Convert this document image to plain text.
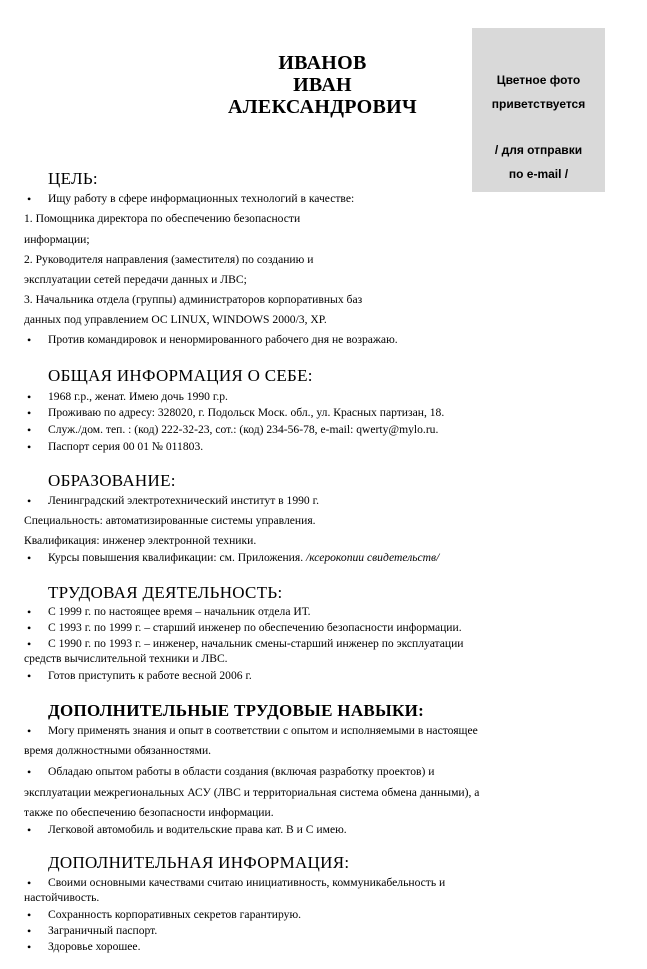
ИВАНОВ
ИВАН
АЛЕКСАНДРОВИЧ
Цветное фото
приветствуется
/ для отправки
по e-mail /
ЦЕЛЬ:
• Ищу работу в сфере информационных технологий в качестве:
1. Помощника директора по обеспечению безопасности
информации;
2. Руководителя направления (заместителя) по созданию и
эксплуатации сетей передачи данных и ЛВС;
3. Начальника отдела (группы) администраторов корпоративных баз
данных под управлением ОС LINUX, WINDOWS 2000/3, XP.
• Против командировок и ненормированного рабочего дня не возражаю.
ОБЩАЯ ИНФОРМАЦИЯ О СЕБЕ:
• 1968 г.р., женат. Имею дочь 1990 г.р.
• Проживаю по адресу: 328020, г. Подольск Моск. обл., ул. Красных партизан, 18.
• Служ./дом. теп. : (код) 222-32-23, сот.: (код) 234-56-78, e-mail: qwerty@mylo.ru.
• Паспорт серия 00 01 № 011803.
ОБРАЗОВАНИЕ:
• Ленинградский электротехнический институт в 1990 г.
Специальность: автоматизированные системы управления.
Квалификация: инженер электронной техники.
• Курсы повышения квалификации: см. Приложения. /ксерокопии свидетельств/
ТРУДОВАЯ ДЕЯТЕЛЬНОСТЬ:
• С 1999 г. по настоящее время – начальник отдела ИТ.
• С 1993 г. по 1999 г. – старший инженер по обеспечению безопасности информации.
• С 1990 г. по 1993 г. – инженер, начальник смены-старший инженер по эксплуатации
средств вычислительной техники и ЛВС.
• Готов приступить к работе весной 2006 г.
ДОПОЛНИТЕЛЬНЫЕ ТРУДОВЫЕ НАВЫКИ:
• Могу применять знания и опыт в соответствии с опытом и исполняемыми в настоящее
время должностными обязанностями.
• Обладаю опытом работы в области создания (включая разработку проектов) и
эксплуатации межрегиональных АСУ (ЛВС и территориальная система обмена данными), а
также по обеспечению безопасности информации.
• Легковой автомобиль и водительские права кат. В и С имею.
ДОПОЛНИТЕЛЬНАЯ ИНФОРМАЦИЯ:
• Своими основными качествами считаю инициативность, коммуникабельность и
настойчивость.
• Сохранность корпоративных секретов гарантирую.
• Заграничный паспорт.
• Здоровье хорошее.
